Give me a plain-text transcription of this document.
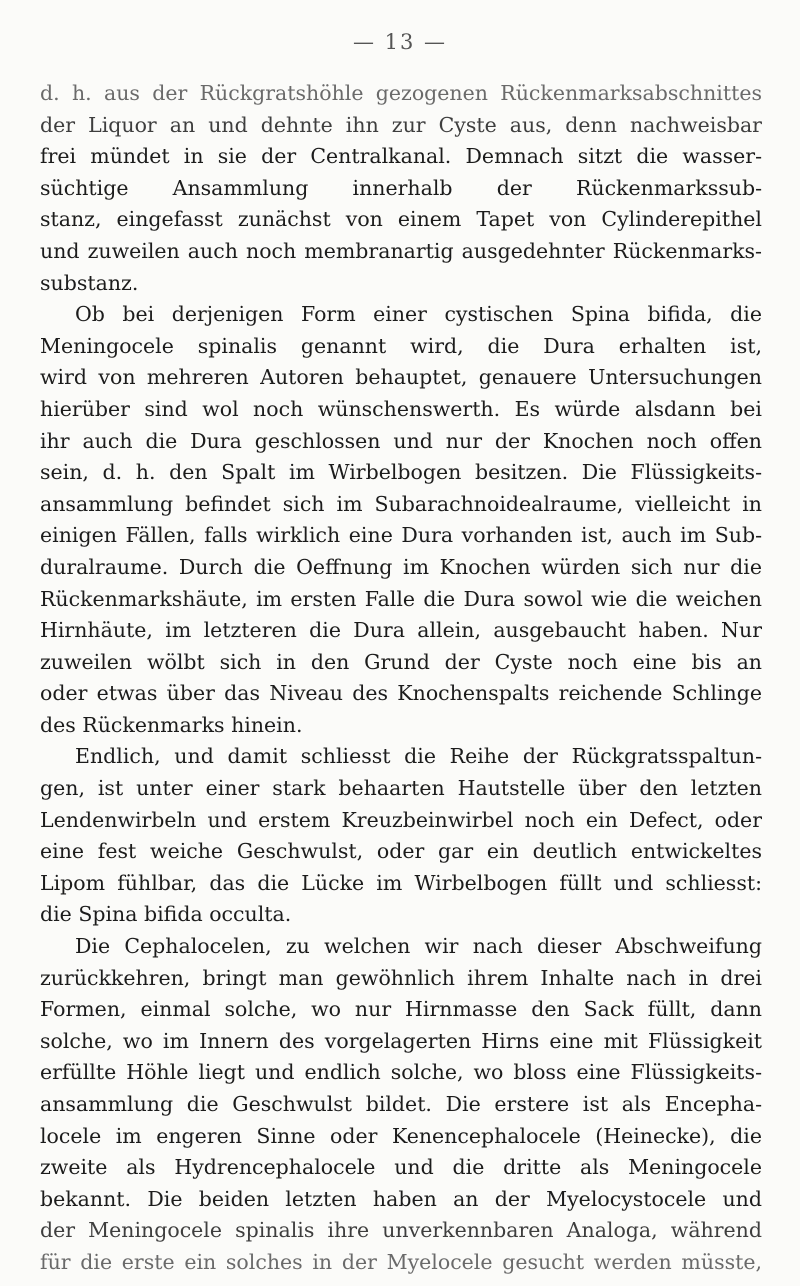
— 13 —
d. h. aus der Rückgratshöhle gezogenen Rückenmarksabschnittes
der Liquor an und dehnte ihn zur Cyste aus, denn nachweisbar
frei mündet in sie der Centralkanal. Demnach sitzt die wasser-
süchtige Ansammlung innerhalb der Rückenmarkssub-
stanz, eingefasst zunächst von einem Tapet von Cylinderepithel
und zuweilen auch noch membranartig ausgedehnter Rückenmarks-
substanz.
Ob bei derjenigen Form einer cystischen Spina bifida, die
Meningocele spinalis genannt wird, die Dura erhalten ist,
wird von mehreren Autoren behauptet, genauere Untersuchungen
hierüber sind wol noch wünschenswerth. Es würde alsdann bei
ihr auch die Dura geschlossen und nur der Knochen noch offen
sein, d. h. den Spalt im Wirbelbogen besitzen. Die Flüssigkeits-
ansammlung befindet sich im Subarachnoidealraume, vielleicht in
einigen Fällen, falls wirklich eine Dura vorhanden ist, auch im Sub-
duralraume. Durch die Oeffnung im Knochen würden sich nur die
Rückenmarkshäute, im ersten Falle die Dura sowol wie die weichen
Hirnhäute, im letzteren die Dura allein, ausgebaucht haben. Nur
zuweilen wölbt sich in den Grund der Cyste noch eine bis an
oder etwas über das Niveau des Knochenspalts reichende Schlinge
des Rückenmarks hinein.
Endlich, und damit schliesst die Reihe der Rückgratsspaltun-
gen, ist unter einer stark behaarten Hautstelle über den letzten
Lendenwirbeln und erstem Kreuzbeinwirbel noch ein Defect, oder
eine fest weiche Geschwulst, oder gar ein deutlich entwickeltes
Lipom fühlbar, das die Lücke im Wirbelbogen füllt und schliesst:
die Spina bifida occulta.
Die Cephalocelen, zu welchen wir nach dieser Abschweifung
zurückkehren, bringt man gewöhnlich ihrem Inhalte nach in drei
Formen, einmal solche, wo nur Hirnmasse den Sack füllt, dann
solche, wo im Innern des vorgelagerten Hirns eine mit Flüssigkeit
erfüllte Höhle liegt und endlich solche, wo bloss eine Flüssigkeits-
ansammlung die Geschwulst bildet. Die erstere ist als Encepha-
locele im engeren Sinne oder Kenencephalocele (Heinecke), die
zweite als Hydrencephalocele und die dritte als Meningocele
bekannt. Die beiden letzten haben an der Myelocystocele und
der Meningocele spinalis ihre unverkennbaren Analoga, während
für die erste ein solches in der Myelocele gesucht werden müsste,
